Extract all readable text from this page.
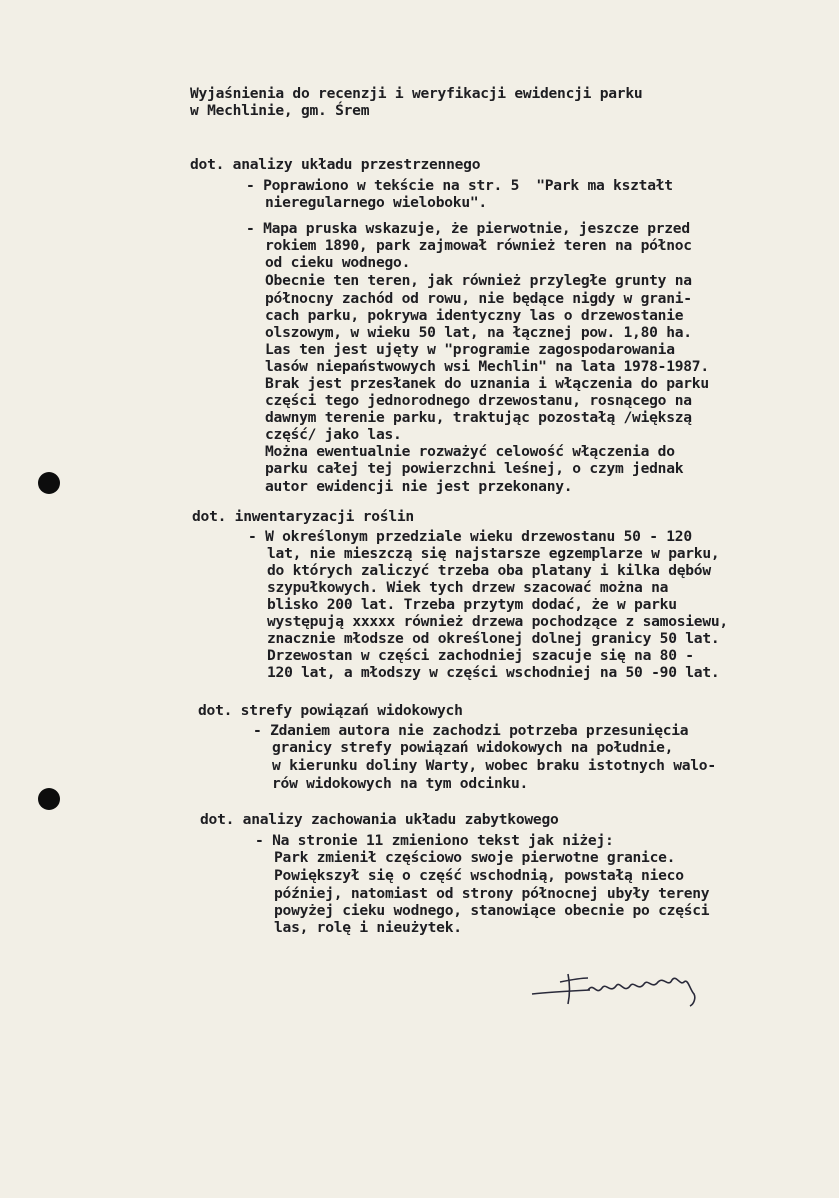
Wyjaśnienia do recenzji i weryfikacji ewidencji parku
w Mechlinie, gm. Śrem
dot. analizy układu przestrzennego
- Poprawiono w tekście na str. 5  "Park ma kształt
nieregularnego wieloboku".
- Mapa pruska wskazuje, że pierwotnie, jeszcze przed
rokiem 1890, park zajmował również teren na północ
od cieku wodnego.
Obecnie ten teren, jak również przyległe grunty na
północny zachód od rowu, nie będące nigdy w grani-
cach parku, pokrywa identyczny las o drzewostanie
olszowym, w wieku 50 lat, na łącznej pow. 1,80 ha.
Las ten jest ujęty w "programie zagospodarowania
lasów niepaństwowych wsi Mechlin" na lata 1978-1987.
Brak jest przesłanek do uznania i włączenia do parku
części tego jednorodnego drzewostanu, rosnącego na
dawnym terenie parku, traktując pozostałą /większą
część/ jako las.
Można ewentualnie rozważyć celowość włączenia do
parku całej tej powierzchni leśnej, o czym jednak
autor ewidencji nie jest przekonany.
dot. inwentaryzacji roślin
- W określonym przedziale wieku drzewostanu 50 - 120
lat, nie mieszczą się najstarsze egzemplarze w parku,
do których zaliczyć trzeba oba platany i kilka dębów
szypułkowych. Wiek tych drzew szacować można na
blisko 200 lat. Trzeba przytym dodać, że w parku
występują xxxxx również drzewa pochodzące z samosiewu,
znacznie młodsze od określonej dolnej granicy 50 lat.
Drzewostan w części zachodniej szacuje się na 80 -
120 lat, a młodszy w części wschodniej na 50 -90 lat.
dot. strefy powiązań widokowych
- Zdaniem autora nie zachodzi potrzeba przesunięcia
granicy strefy powiązań widokowych na południe,
w kierunku doliny Warty, wobec braku istotnych walo-
rów widokowych na tym odcinku.
dot. analizy zachowania układu zabytkowego
- Na stronie 11 zmieniono tekst jak niżej:
Park zmienił częściowo swoje pierwotne granice.
Powiększył się o część wschodnią, powstałą nieco
później, natomiast od strony północnej ubyły tereny
powyżej cieku wodnego, stanowiące obecnie po części
las, rolę i nieużytek.
